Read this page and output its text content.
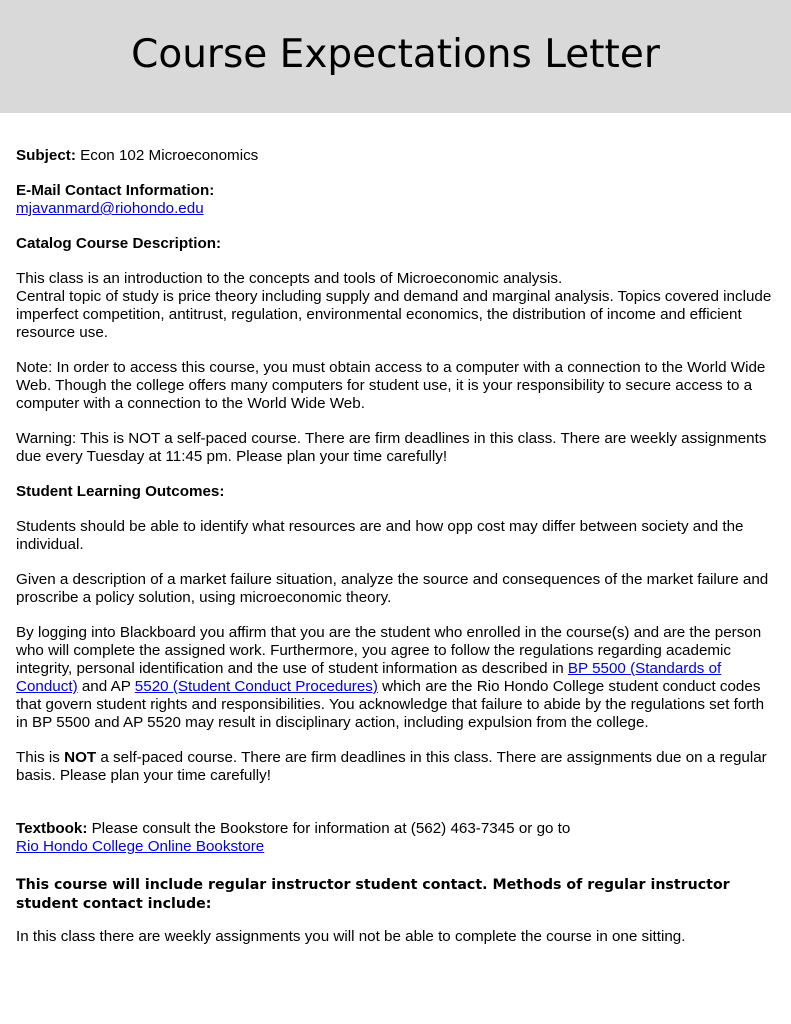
Course Expectations Letter

Subject: Econ 102 Microeconomics

E-Mail Contact Information:

mjavanmard@riohondo.edu

Catalog Course Description:

This class is an introduction to the concepts and tools of Microeconomic analysis.

Central topic of study is price theory including supply and demand and marginal analysis. Topics covered include imperfect competition, antitrust, regulation, environmental economics, the distribution of income and efficient resource use.

Note: In order to access this course, you must obtain access to a computer with a connection to the World Wide Web. Though the college offers many computers for student use, it is your responsibility to secure access to a computer with a connection to the World Wide Web.

Warning: This is NOT a self-paced course. There are firm deadlines in this class. There are weekly assignments due every Tuesday at 11:45 pm. Please plan your time carefully!

Student Learning Outcomes:

Students should be able to identify what resources are and how opp cost may differ between society and the individual.

Given a description of a market failure situation, analyze the source and consequences of the market failure and proscribe a policy solution, using microeconomic theory.

By logging into Blackboard you affirm that you are the student who enrolled in the course(s) and are the person who will complete the assigned work. Furthermore, you agree to follow the regulations regarding academic integrity, personal identification and the use of student information as described in BP 5500 (Standards of Conduct) and AP 5520 (Student Conduct Procedures) which are the Rio Hondo College student conduct codes that govern student rights and responsibilities. You acknowledge that failure to abide by the regulations set forth in BP 5500 and AP 5520 may result in disciplinary action, including expulsion from the college.

This is NOT a self-paced course. There are firm deadlines in this class. There are assignments due on a regular basis. Please plan your time carefully!

Textbook: Please consult the Bookstore for information at (562) 463-7345 or go to

Rio Hondo College Online Bookstore

This course will include regular instructor student contact. Methods of regular instructor student contact include:

In this class there are weekly assignments you will not be able to complete the course in one sitting.
